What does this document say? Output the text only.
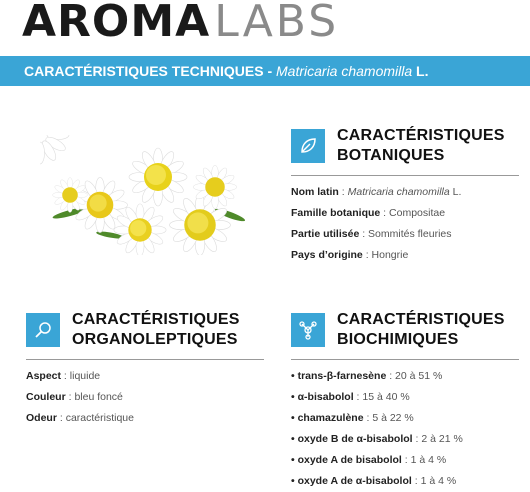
AROMALABS
CARACTÉRISTIQUES TECHNIQUES - Matricaria chamomilla L.
CARACTÉRISTIQUES
BOTANIQUES
Nom latin : Matricaria chamomilla L.
Famille botanique : Compositae
Partie utilisée : Sommités fleuries
Pays d’origine : Hongrie
CARACTÉRISTIQUES
ORGANOLEPTIQUES
Aspect : liquide
Couleur : bleu foncé
Odeur : caractéristique
CARACTÉRISTIQUES
BIOCHIMIQUES
• trans-β-farnesène : 20 à 51 %
• α-bisabolol : 15 à 40 %
• chamazulène : 5 à 22 %
• oxyde B de α-bisabolol : 2 à 21 %
• oxyde A de bisabolol : 1 à 4 %
• oxyde A de α-bisabolol : 1 à 4 %
